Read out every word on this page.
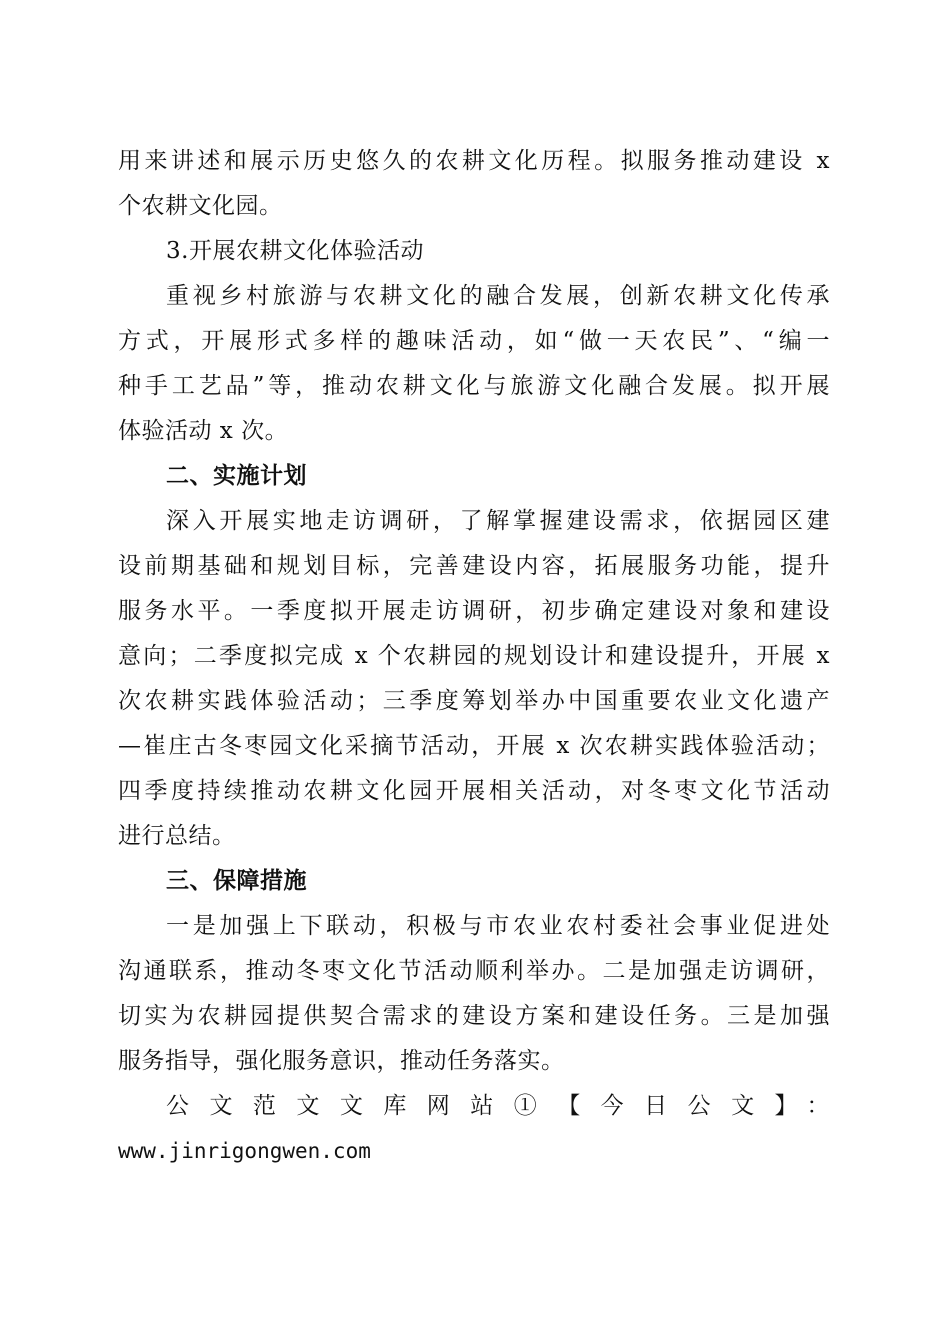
用来讲述和展示历史悠久的农耕文化历程。拟服务推动建设 x
个农耕文化园。
3.开展农耕文化体验活动
重视乡村旅游与农耕文化的融合发展，创新农耕文化传承
方式，开展形式多样的趣味活动，如“做一天农民”、“编一
种手工艺品”等，推动农耕文化与旅游文化融合发展。拟开展
体验活动 x 次。
二、实施计划
深入开展实地走访调研，了解掌握建设需求，依据园区建
设前期基础和规划目标，完善建设内容，拓展服务功能，提升
服务水平。一季度拟开展走访调研，初步确定建设对象和建设
意向；二季度拟完成 x 个农耕园的规划设计和建设提升，开展 x
次农耕实践体验活动；三季度筹划举办中国重要农业文化遗产
—崔庄古冬枣园文化采摘节活动，开展 x 次农耕实践体验活动；
四季度持续推动农耕文化园开展相关活动，对冬枣文化节活动
进行总结。
三、保障措施
一是加强上下联动，积极与市农业农村委社会事业促进处
沟通联系，推动冬枣文化节活动顺利举办。二是加强走访调研，
切实为农耕园提供契合需求的建设方案和建设任务。三是加强
服务指导，强化服务意识，推动任务落实。
公文范文文库网站①【今日公文】：
www.jinrigongwen.com
